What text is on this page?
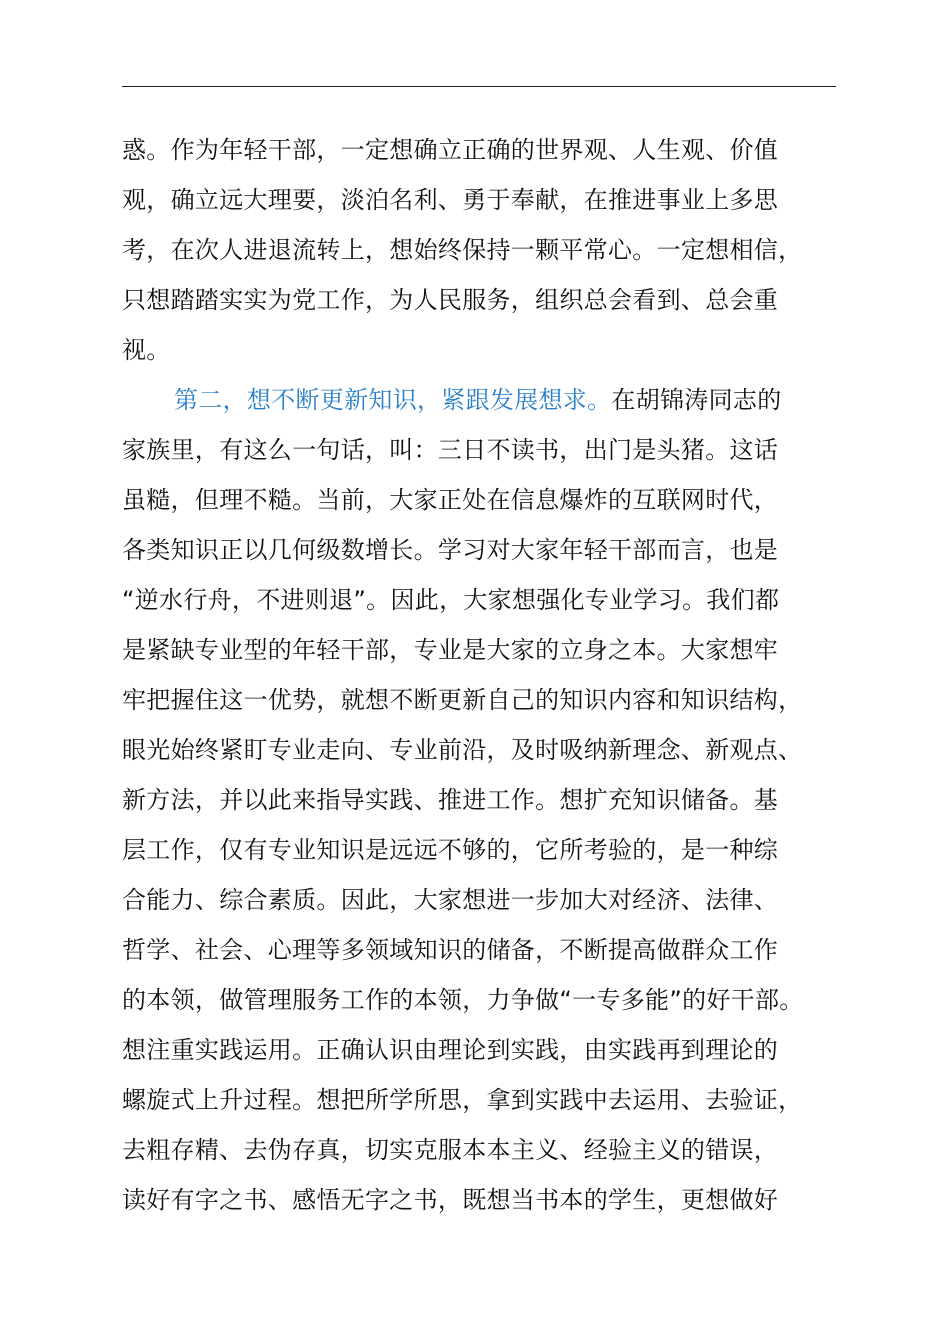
惑。作为年轻干部，一定想确立正确的世界观、人生观、价值
观，确立远大理要，淡泊名利、勇于奉献，在推进事业上多思
考，在次人进退流转上，想始终保持一颗平常心。一定想相信，
只想踏踏实实为党工作，为人民服务，组织总会看到、总会重
视。
第二，想不断更新知识，紧跟发展想求。在胡锦涛同志的
家族里，有这么一句话，叫：三日不读书，出门是头猪。这话
虽糙，但理不糙。当前，大家正处在信息爆炸的互联网时代，
各类知识正以几何级数增长。学习对大家年轻干部而言，也是
“逆水行舟，不进则退”。因此，大家想强化专业学习。我们都
是紧缺专业型的年轻干部，专业是大家的立身之本。大家想牢
牢把握住这一优势，就想不断更新自己的知识内容和知识结构，
眼光始终紧盯专业走向、专业前沿，及时吸纳新理念、新观点、
新方法，并以此来指导实践、推进工作。想扩充知识储备。基
层工作，仅有专业知识是远远不够的，它所考验的，是一种综
合能力、综合素质。因此，大家想进一步加大对经济、法律、
哲学、社会、心理等多领域知识的储备，不断提高做群众工作
的本领，做管理服务工作的本领，力争做“一专多能”的好干部。
想注重实践运用。正确认识由理论到实践，由实践再到理论的
螺旋式上升过程。想把所学所思，拿到实践中去运用、去验证，
去粗存精、去伪存真，切实克服本本主义、经验主义的错误，
读好有字之书、感悟无字之书，既想当书本的学生，更想做好
